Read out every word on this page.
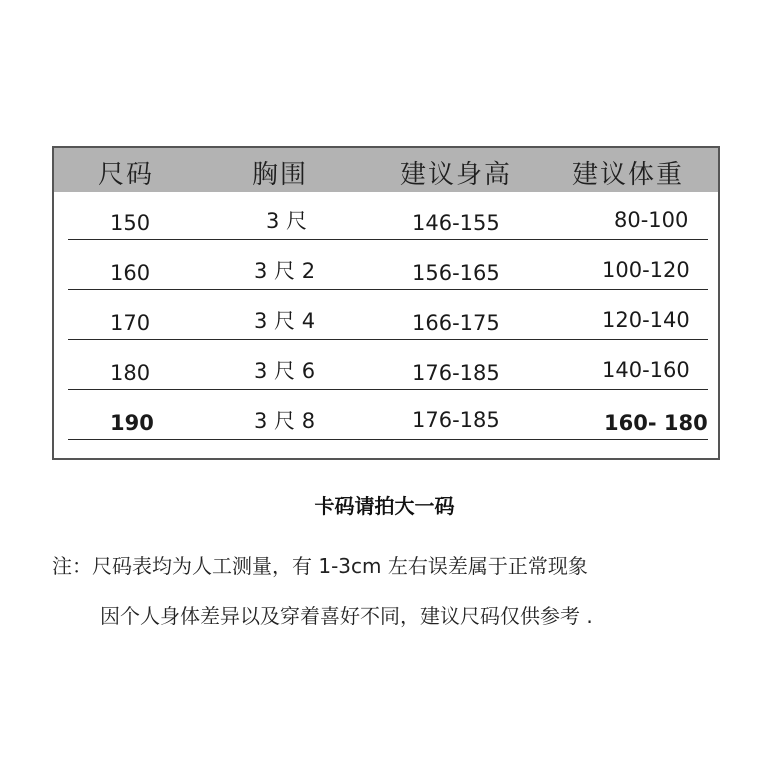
尺码	胸围	建议身高 建议体重
150	3 尺	146-155	80-100
160	3 尺 2	156-165	100-120
170	3 尺 4	166-175	120-140
180	3 尺 6	176-185	140-160
190	3 尺 8	176-185	160- 180
卡码请拍大一码
注：尺码表均为人工测量，有 1-3cm 左右误差属于正常现象
因个人身体差异以及穿着喜好不同，建议尺码仅供参考 .
